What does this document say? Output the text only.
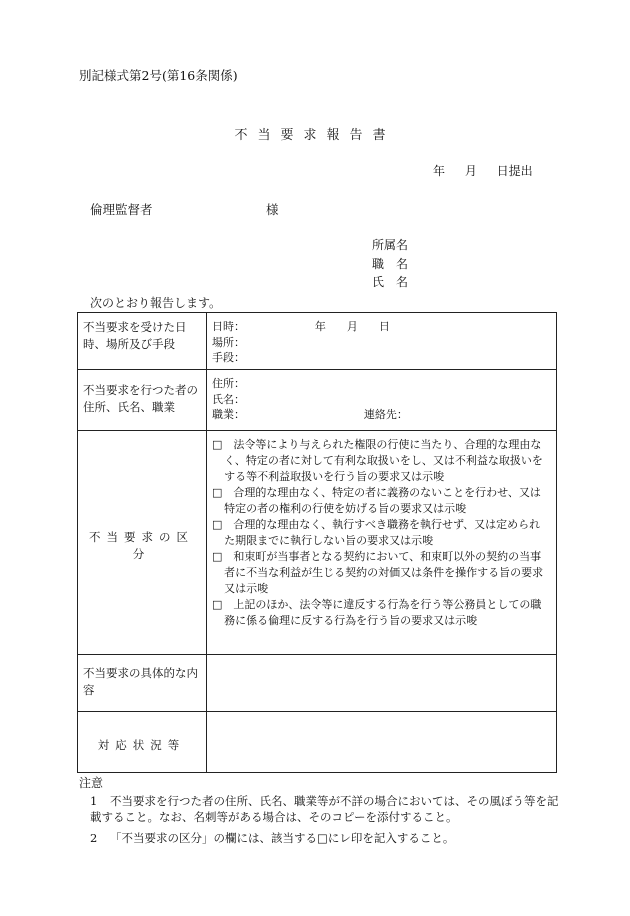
別記様式第2号(第16条関係)
不当要求報告書
年 月 日提出
倫理監督者	様
所属名
職　名
氏　名
次のとおり報告します。
不当要求を受けた日時、場所及び手段	日時：                    年      月      日
場所：
手段：

不当要求を行つた者の住所、氏名、職業	住所：
氏名：
職業：                                  連絡先：

不当要求の区分	□　法令等により与えられた権限の行使に当たり、合理的な理由なく、特定の者に対して有利な取扱いをし、又は不利益な取扱いをする等不利益取扱いを行う旨の要求又は示唆
□　合理的な理由なく、特定の者に義務のないことを行わせ、又は特定の者の権利の行使を妨げる旨の要求又は示唆
□　合理的な理由なく、執行すべき職務を執行せず、又は定められた期限までに執行しない旨の要求又は示唆
□　和束町が当事者となる契約において、和束町以外の契約の当事者に不当な利益が生じる契約の対価又は条件を操作する旨の要求又は示唆
□　上記のほか、法令等に違反する行為を行う等公務員としての職務に係る倫理に反する行為を行う旨の要求又は示唆

不当要求の具体的な内容	

対応状況等	

注意
1 不当要求を行つた者の住所、氏名、職業等が不詳の場合においては、その風ぼう等を記載すること。なお、名刺等がある場合は、そのコピーを添付すること。
2 「不当要求の区分」の欄には、該当する□にレ印を記入すること。
